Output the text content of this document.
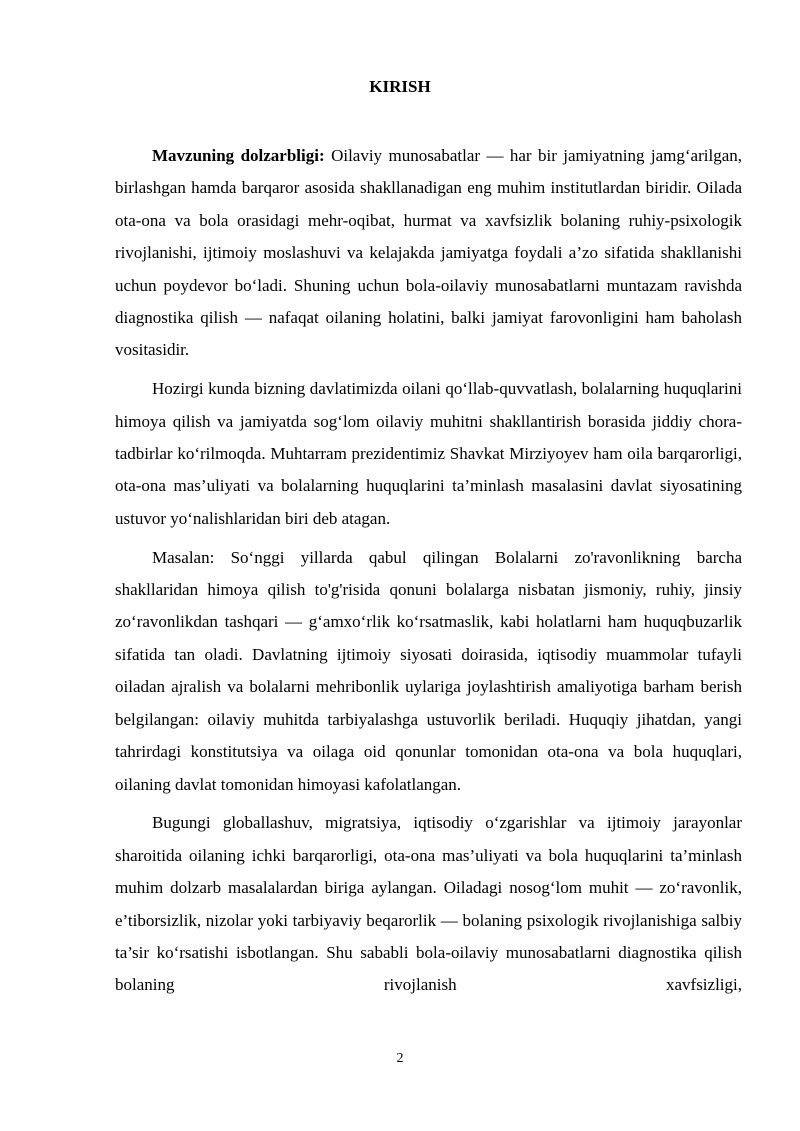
KIRISH

Mavzuning dolzarbligi: Oilaviy munosabatlar — har bir jamiyatning jamg‘arilgan, birlashgan hamda barqaror asosida shakllanadigan eng muhim institutlardan biridir. Oilada ota-ona va bola orasidagi mehr-oqibat, hurmat va xavfsizlik bolaning ruhiy-psixologik rivojlanishi, ijtimoiy moslashuvi va kelajakda jamiyatga foydali a’zo sifatida shakllanishi uchun poydevor bo‘ladi. Shuning uchun bola-oilaviy munosabatlarni muntazam ravishda diagnostika qilish — nafaqat oilaning holatini, balki jamiyat farovonligini ham baholash vositasidir.

Hozirgi kunda bizning davlatimizda oilani qo‘llab-quvvatlash, bolalarning huquqlarini himoya qilish va jamiyatda sog‘lom oilaviy muhitni shakllantirish borasida jiddiy chora-tadbirlar ko‘rilmoqda. Muhtarram prezidentimiz Shavkat Mirziyoyev ham oila barqarorligi, ota-ona mas’uliyati va bolalarning huquqlarini ta’minlash masalasini davlat siyosatining ustuvor yo‘nalishlaridan biri deb atagan.

Masalan: So‘nggi yillarda qabul qilingan Bolalarni zo'ravonlikning barcha shakllaridan himoya qilish to'g'risida qonuni bolalarga nisbatan jismoniy, ruhiy, jinsiy zo‘ravonlikdan tashqari — g‘amxo‘rlik ko‘rsatmaslik, kabi holatlarni ham huquqbuzarlik sifatida tan oladi. Davlatning ijtimoiy siyosati doirasida, iqtisodiy muammolar tufayli oiladan ajralish va bolalarni mehribonlik uylariga joylashtirish amaliyotiga barham berish belgilangan: oilaviy muhitda tarbiyalashga ustuvorlik beriladi. Huquqiy jihatdan, yangi tahrirdagi konstitutsiya va oilaga oid qonunlar tomonidan ota-ona va bola huquqlari, oilaning davlat tomonidan himoyasi kafolatlangan.

Bugungi globallashuv, migratsiya, iqtisodiy o‘zgarishlar va ijtimoiy jarayonlar sharoitida oilaning ichki barqarorligi, ota-ona mas’uliyati va bola huquqlarini ta’minlash muhim dolzarb masalalardan biriga aylangan. Oiladagi nosog‘lom muhit — zo‘ravonlik, e’tiborsizlik, nizolar yoki tarbiyaviy beqarorlik — bolaning psixologik rivojlanishiga salbiy ta’sir ko‘rsatishi isbotlangan. Shu sababli bola-oilaviy munosabatlarni diagnostika qilish bolaning rivojlanish xavfsizligi,

2
